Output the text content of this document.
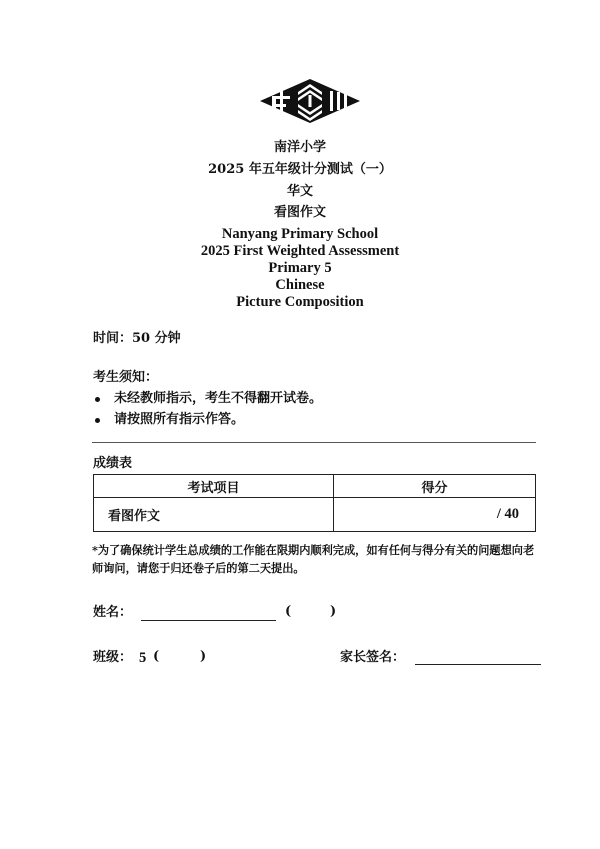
南洋小学
2025 年五年级计分测试（一）
华文
看图作文
Nanyang Primary School
2025 First Weighted Assessment
Primary 5
Chinese
Picture Composition
时间：50 分钟
考生须知：
未经教师指示，考生不得翻开试卷。
请按照所有指示作答。
成绩表
考试项目	得分
看图作文	/ 40
*为了确保统计学生总成绩的工作能在限期内顺利完成，如有任何与得分有关的问题想向老师询问，请您于归还卷子后的第二天提出。
姓名：	(	)
班级： 5 (	)	家长签名：
